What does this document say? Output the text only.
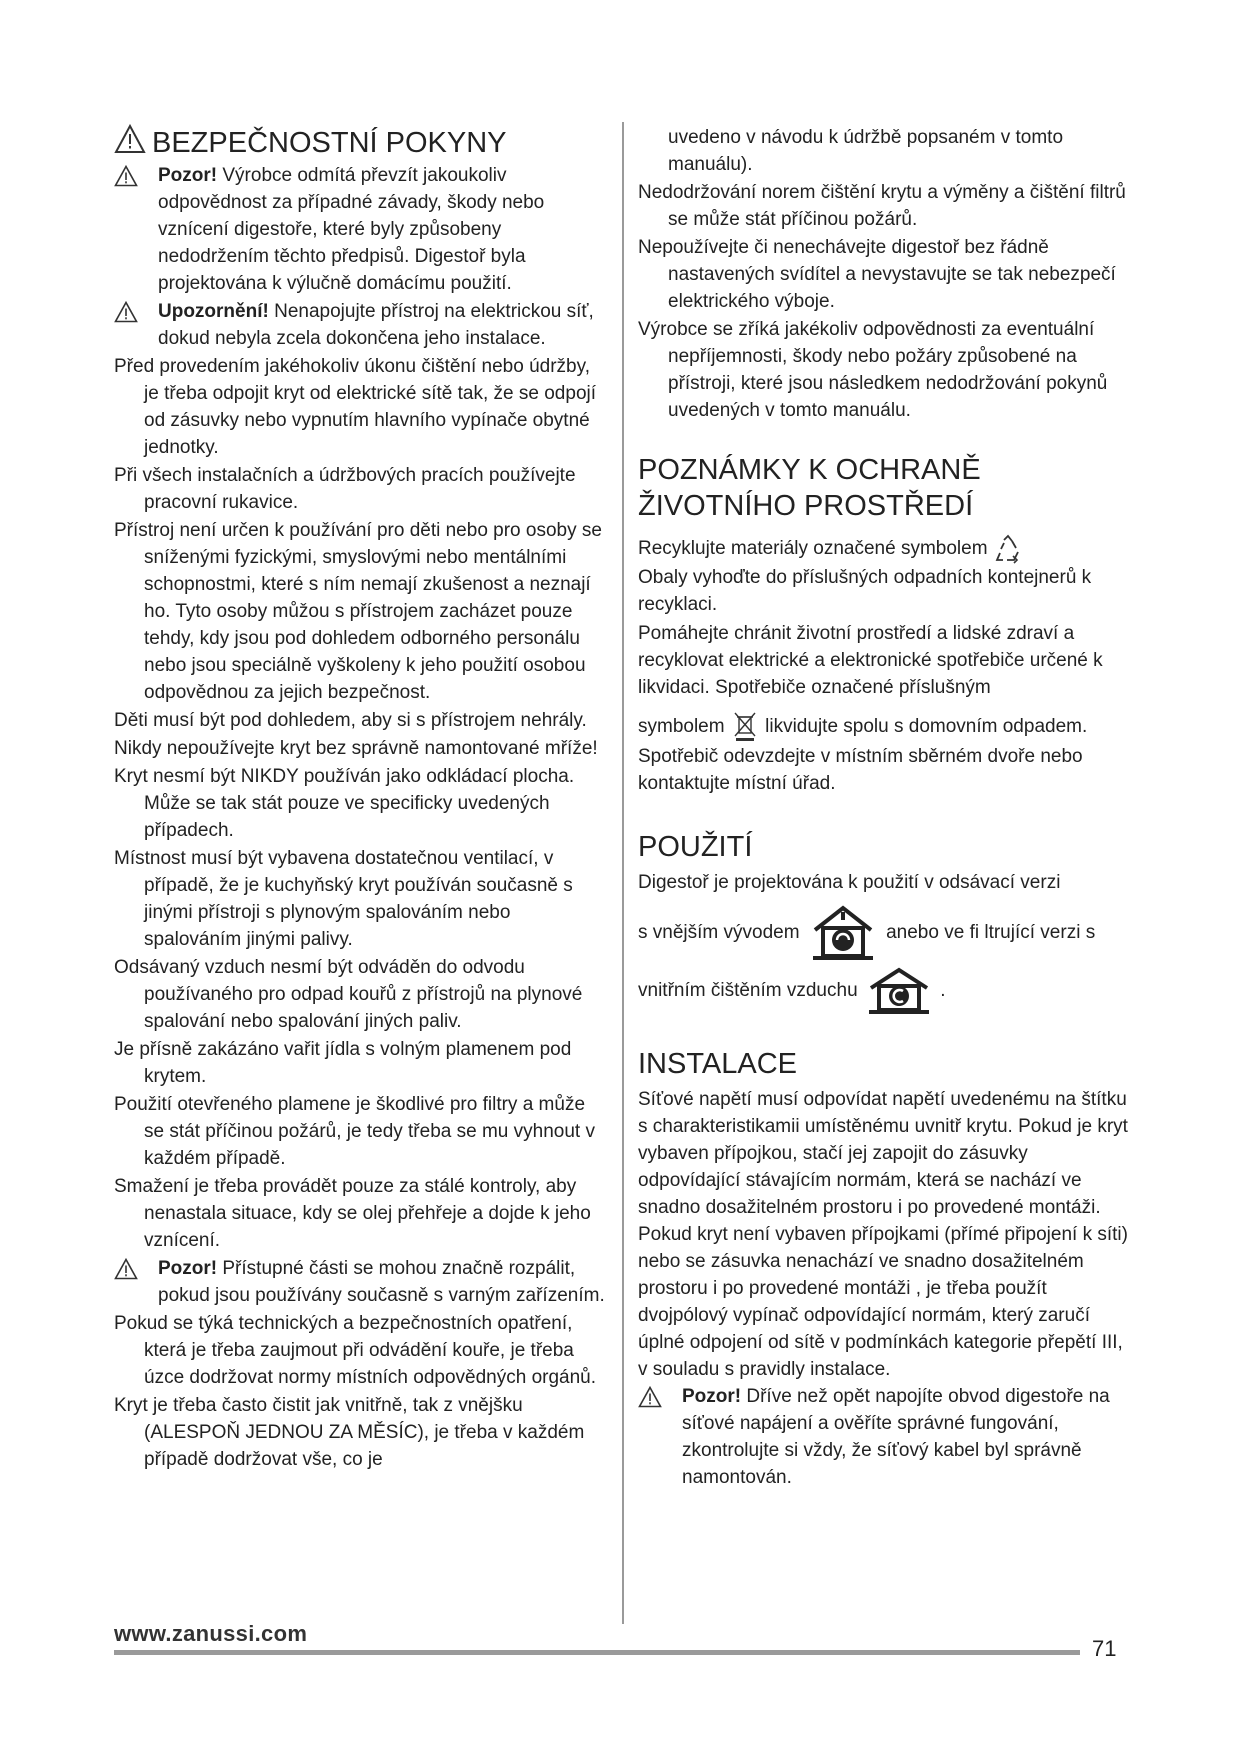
BEZPEČNOSTNÍ POKYNY

Pozor! Výrobce odmítá převzít jakoukoliv odpovědnost za případné závady, škody nebo vznícení digestoře, které byly způsobeny nedodržením těchto předpisů. Digestoř byla projektována k výlučně domácímu použití.

Upozornění! Nenapojujte přístroj na elektrickou síť, dokud nebyla zcela dokončena jeho instalace.

Před provedením jakéhokoliv úkonu čištění nebo údržby, je třeba odpojit kryt od elektrické sítě tak, že se odpojí od zásuvky nebo vypnutím hlavního vypínače obytné jednotky.

Při všech instalačních a údržbových pracích používejte pracovní rukavice.

Přístroj není určen k používání pro děti nebo pro osoby se sníženými fyzickými, smyslovými nebo mentálními schopnostmi, které s ním nemají zkušenost a neznají ho. Tyto osoby můžou s přístrojem zacházet pouze tehdy, kdy jsou pod dohledem odborného personálu nebo jsou speciálně vyškoleny k jeho použití osobou odpovědnou za jejich bezpečnost.

Děti musí být pod dohledem, aby si s přístrojem nehrály.

Nikdy nepoužívejte kryt bez správně namontované mříže!

Kryt nesmí být NIKDY používán jako odkládací plocha. Může se tak stát pouze ve specificky uvedených případech.

Místnost musí být vybavena dostatečnou ventilací, v případě, že je kuchyňský kryt používán současně s jinými přístroji s plynovým spalováním nebo spalováním jinými palivy.

Odsávaný vzduch nesmí být odváděn do odvodu používaného pro odpad kouřů z přístrojů na plynové spalování nebo spalování jiných paliv.

Je přísně zakázáno vařit jídla s volným plamenem pod krytem.

Použití otevřeného plamene je škodlivé pro filtry a může se stát příčinou požárů, je tedy třeba se mu vyhnout v každém případě.

Smažení je třeba provádět pouze za stálé kontroly, aby nenastala situace, kdy se olej přehřeje a dojde k jeho vznícení.

Pozor! Přístupné části se mohou značně rozpálit, pokud jsou používány současně s varným zařízením.

Pokud se týká technických a bezpečnostních opatření, která je třeba zaujmout při odvádění kouře, je třeba úzce dodržovat normy místních odpovědných orgánů.

Kryt je třeba často čistit jak vnitřně, tak z vnějšku (ALESPOŇ JEDNOU ZA MĚSÍC), je třeba v každém případě dodržovat vše, co je

uvedeno v návodu k údržbě popsaném v tomto manuálu).

Nedodržování norem čištění krytu a výměny a čištění filtrů se může stát příčinou požárů.

Nepoužívejte či nenechávejte digestoř bez řádně nastavených svídítel a nevystavujte se tak nebezpečí elektrického výboje.

Výrobce se zříká jakékoliv odpovědnosti za eventuální nepříjemnosti, škody nebo požáry způsobené na přístroji, které jsou následkem nedodržování pokynů uvedených v tomto manuálu.

POZNÁMKY K OCHRANĚ
ŽIVOTNÍHO PROSTŘEDÍ

Recyklujte materiály označené symbolem

Obaly vyhoďte do příslušných odpadních kontejnerů k recyklaci.

Pomáhejte chránit životní prostředí a lidské zdraví a recyklovat elektrické a elektronické spotřebiče určené k likvidaci. Spotřebiče označené příslušným

symbolem likvidujte spolu s domovním odpadem. Spotřebič odevzdejte v místním sběrném dvoře nebo kontaktujte místní úřad.

POUŽITÍ

Digestoř je projektována k použití v odsávací verzi

s vnějším vývodem	anebo ve fi ltrující verzi s

vnitřním čištěním vzduchu	.

INSTALACE

Síťové napětí musí odpovídat napětí uvedenému na štítku s charakteristikamii umístěnému uvnitř krytu. Pokud je kryt vybaven přípojkou, stačí jej zapojit do zásuvky odpovídající stávajícím normám, která se nachází ve snadno dosažitelném prostoru i po provedené montáži. Pokud kryt není vybaven přípojkami (přímé připojení k síti) nebo se zásuvka nenachází ve snadno dosažitelném prostoru i po provedené montáži , je třeba použít dvojpólový vypínač odpovídající normám, který zaručí úplné odpojení od sítě v podmínkách kategorie přepětí III, v souladu s pravidly instalace.

Pozor! Dříve než opět napojíte obvod digestoře na síťové napájení a ověříte správné fungování, zkontrolujte si vždy, že síťový kabel byl správně namontován.

www.zanussi.com
71
